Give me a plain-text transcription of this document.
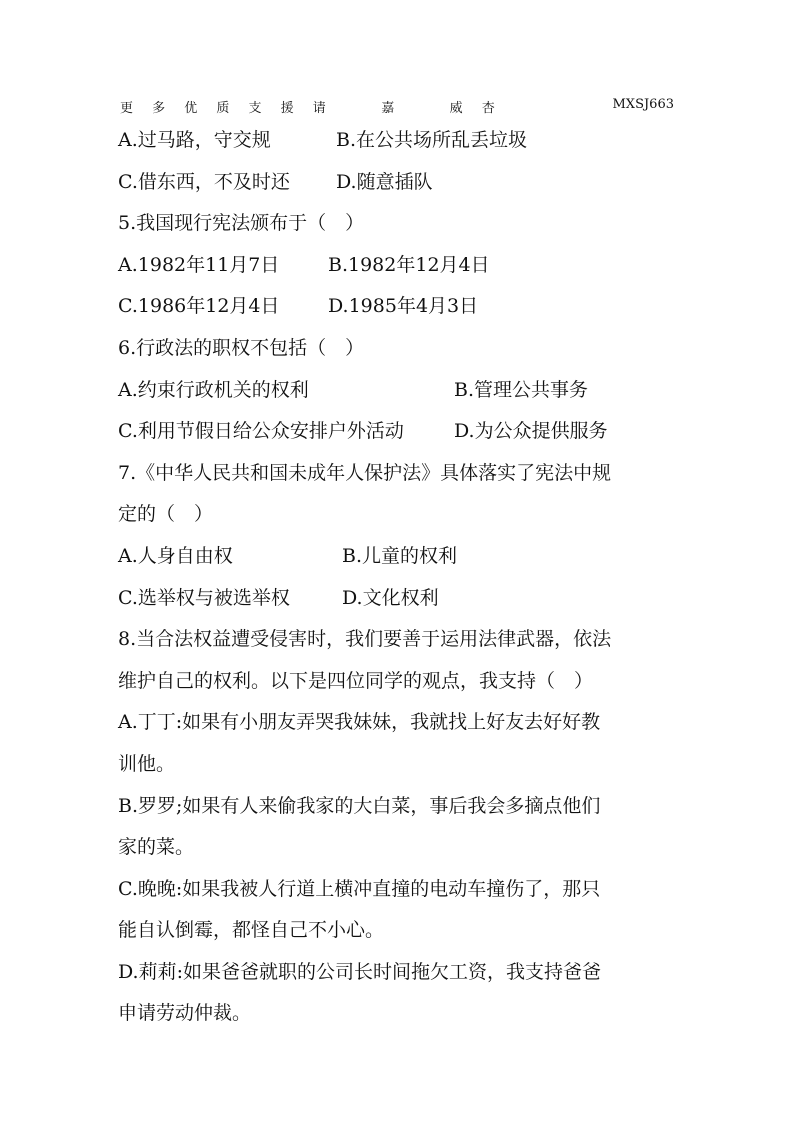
更 多 优 质 支 援 请   嘉   威 杏	MXSJ663
A.过马路，守交规	B.在公共场所乱丢垃圾
C.借东西，不及时还 D.随意插队
5.我国现行宪法颁布于（　）
A.1982年11月7日	B.1982年12月4日
C.1986年12月4日	D.1985年4月3日
6.行政法的职权不包括（　）
A.约束行政机关的权利	B.管理公共事务
C.利用节假日给公众安排户外活动	D.为公众提供服务
7.《中华人民共和国未成年人保护法》具体落实了宪法中规
定的（　）
A.人身自由权	B.儿童的权利
C.选举权与被选举权	D.文化权利
8.当合法权益遭受侵害时，我们要善于运用法律武器，依法
维护自己的权利。以下是四位同学的观点，我支持（　）
A.丁丁:如果有小朋友弄哭我妹妹，我就找上好友去好好教
训他。
B.罗罗;如果有人来偷我家的大白菜，事后我会多摘点他们
家的菜。
C.晚晚:如果我被人行道上横冲直撞的电动车撞伤了，那只
能自认倒霉，都怪自己不小心。
D.莉莉:如果爸爸就职的公司长时间拖欠工资，我支持爸爸
申请劳动仲裁。
